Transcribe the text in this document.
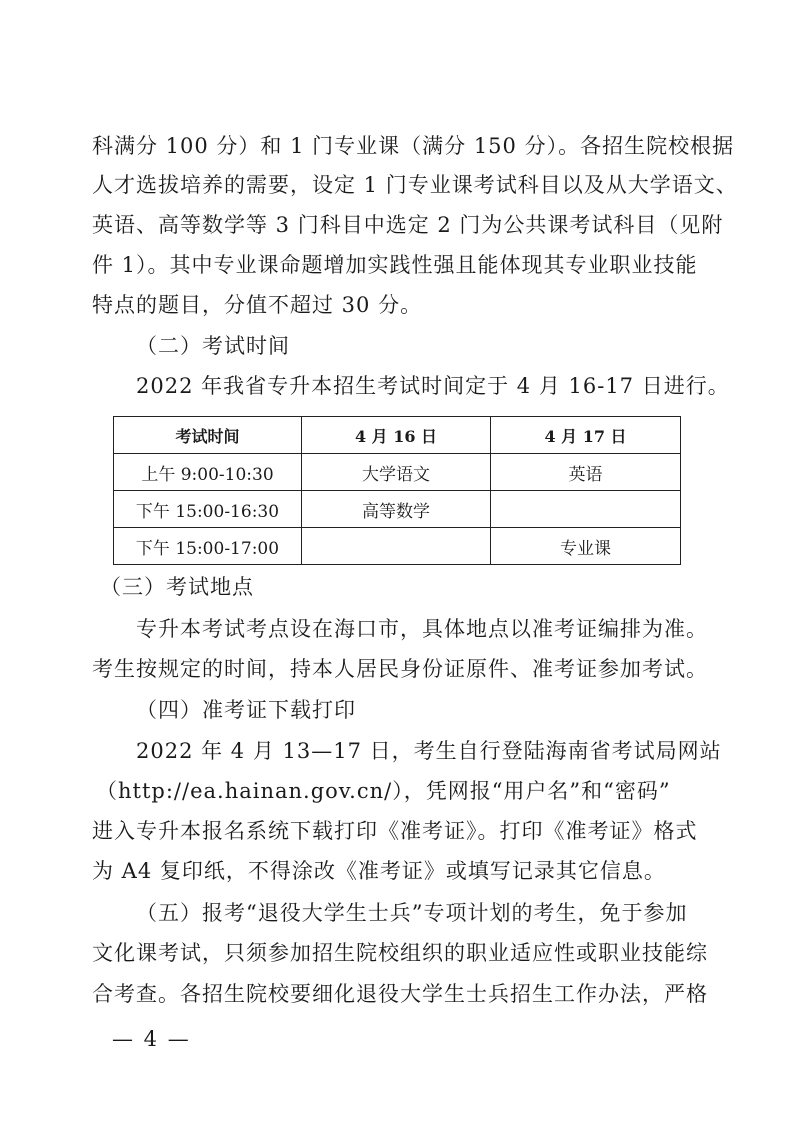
科满分 100 分）和 1 门专业课（满分 150 分）。各招生院校根据
人才选拔培养的需要，设定 1 门专业课考试科目以及从大学语文、
英语、高等数学等 3 门科目中选定 2 门为公共课考试科目（见附
件 1）。其中专业课命题增加实践性强且能体现其专业职业技能
特点的题目，分值不超过 30 分。
（二）考试时间
2022 年我省专升本招生考试时间定于 4 月 16-17 日进行。
考试时间	4 月 16 日	4 月 17 日
上午 9:00-10:30	大学语文	英语
下午 15:00-16:30	高等数学	
下午 15:00-17:00		专业课
（三）考试地点
专升本考试考点设在海口市，具体地点以准考证编排为准。
考生按规定的时间，持本人居民身份证原件、准考证参加考试。
（四）准考证下载打印
2022 年 4 月 13—17 日，考生自行登陆海南省考试局网站
（http://ea.hainan.gov.cn/），凭网报“用户名”和“密码”
进入专升本报名系统下载打印《准考证》。打印《准考证》格式
为 A4 复印纸，不得涂改《准考证》或填写记录其它信息。
（五）报考“退役大学生士兵”专项计划的考生，免于参加
文化课考试，只须参加招生院校组织的职业适应性或职业技能综
合考查。各招生院校要细化退役大学生士兵招生工作办法，严格
— 4 —
